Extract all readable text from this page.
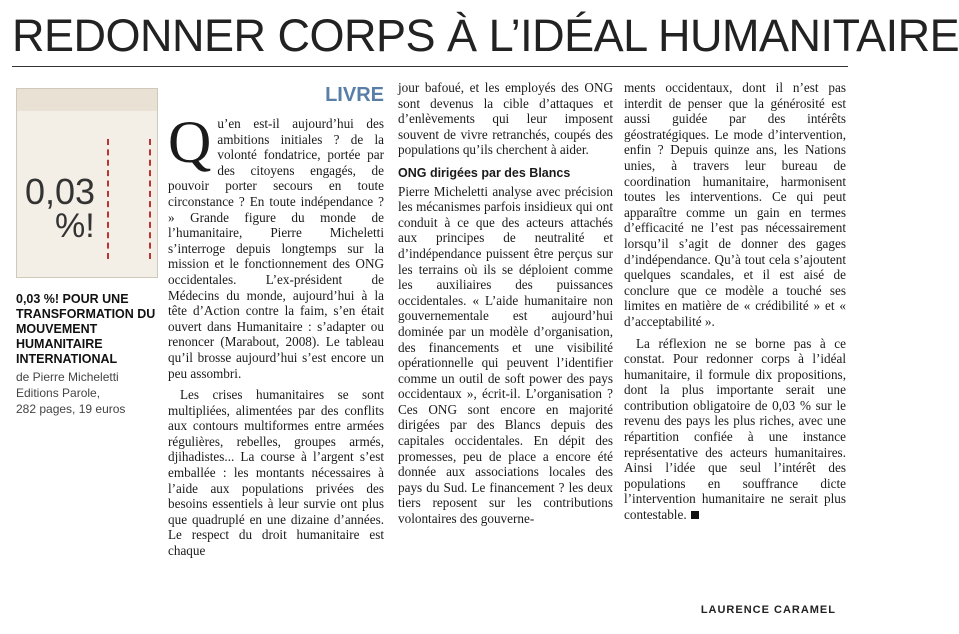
REDONNER CORPS À L’IDÉAL HUMANITAIRE
0,03
%!
0,03 %! POUR UNE TRANSFORMATION DU MOUVEMENT HUMANITAIRE INTERNATIONAL
de Pierre Micheletti
Editions Parole,
282 pages, 19 euros
LIVRE
Q u’en est-il aujourd’hui des ambitions initiales ? de la volonté fondatrice, portée par des citoyens engagés, de pouvoir porter secours en toute circonstance ? En toute indépendance ? » Grande figure du monde de l’humanitaire, Pierre Micheletti s’interroge depuis longtemps sur la mission et le fonctionnement des ONG occidentales. L’ex-président de Médecins du monde, aujourd’hui à la tête d’Action contre la faim, s’en était ouvert dans Humanitaire : s’adapter ou renoncer (Marabout, 2008). Le tableau qu’il brosse aujourd’hui s’est encore un peu assombri.

Les crises humanitaires se sont multipliées, alimentées par des conflits aux contours multiformes entre armées régulières, rebelles, groupes armés, djihadistes... La course à l’argent s’est emballée : les montants nécessaires à l’aide aux populations privées des besoins essentiels à leur survie ont plus que quadruplé en une dizaine d’années. Le respect du droit humanitaire est chaque

jour bafoué, et les employés des ONG sont devenus la cible d’attaques et d’enlèvements qui leur imposent souvent de vivre retranchés, coupés des populations qu’ils cherchent à aider.

ONG dirigées par des Blancs

Pierre Micheletti analyse avec précision les mécanismes parfois insidieux qui ont conduit à ce que des acteurs attachés aux principes de neutralité et d’indépendance puissent être perçus sur les terrains où ils se déploient comme les auxiliaires des puissances occidentales. « L’aide humanitaire non gouvernementale est aujourd’hui dominée par un modèle d’organisation, des financements et une visibilité opérationnelle qui peuvent l’identifier comme un outil de soft power des pays occidentaux », écrit-il. L’organisation ? Ces ONG sont encore en majorité dirigées par des Blancs depuis des capitales occidentales. En dépit des promesses, peu de place a encore été donnée aux associations locales des pays du Sud. Le financement ? les deux tiers reposent sur les contributions volontaires des gouverne-

ments occidentaux, dont il n’est pas interdit de penser que la générosité est aussi guidée par des intérêts géostratégiques. Le mode d’intervention, enfin ? Depuis quinze ans, les Nations unies, à travers leur bureau de coordination humanitaire, harmonisent toutes les interventions. Ce qui peut apparaître comme un gain en termes d’efficacité ne l’est pas nécessairement lorsqu’il s’agit de donner des gages d’indépendance. Qu’à tout cela s’ajoutent quelques scandales, et il est aisé de conclure que ce modèle a touché ses limites en matière de « crédibilité » et « d’acceptabilité ».

La réflexion ne se borne pas à ce constat. Pour redonner corps à l’idéal humanitaire, il formule dix propositions, dont la plus importante serait une contribution obligatoire de 0,03 % sur le revenu des pays les plus riches, avec une répartition confiée à une instance représentative des acteurs humanitaires. Ainsi l’idée que seul l’intérêt des populations en souffrance dicte l’intervention humanitaire ne serait plus contestable.

LAURENCE CARAMEL
